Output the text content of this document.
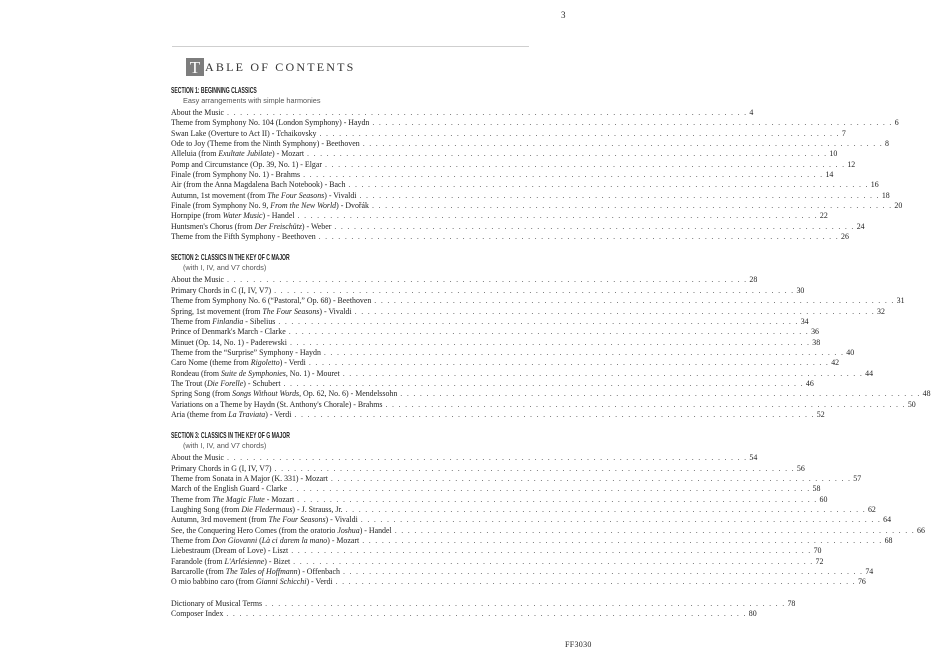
3
T ABLE OF CONTENTS
SECTION 1: BEGINNING CLASSICS
Easy arrangements with simple harmonies
About the Music . . . . . . . . . . . . . . . . . . . . . . . . . . . . . . . . . . . . . . . . . . . . . . . . . . . . . . . . . . . . . . . . . . . . . . . . . . . . . . . . 4
Theme from Symphony No. 104 (London Symphony) - Haydn . . . . . . . . . . . . . . . . . . . . . . . . . . . . . . . . . . . . . . . . . . . . . . . . . . . . . . . . . . . . . . . . . . . . . . . . . . . . . . . . 6
Swan Lake (Overture to Act II) - Tchaikovsky . . . . . . . . . . . . . . . . . . . . . . . . . . . . . . . . . . . . . . . . . . . . . . . . . . . . . . . . . . . . . . . . . . . . . . . . . . . . . . . . 7
Ode to Joy (Theme from the Ninth Symphony) - Beethoven . . . . . . . . . . . . . . . . . . . . . . . . . . . . . . . . . . . . . . . . . . . . . . . . . . . . . . . . . . . . . . . . . . . . . . . . . . . . . . . . 8
Alleluia (from Exultate Jubilate) - Mozart . . . . . . . . . . . . . . . . . . . . . . . . . . . . . . . . . . . . . . . . . . . . . . . . . . . . . . . . . . . . . . . . . . . . . . . . . . . . . . . . 10
Pomp and Circumstance (Op. 39, No. 1) - Elgar . . . . . . . . . . . . . . . . . . . . . . . . . . . . . . . . . . . . . . . . . . . . . . . . . . . . . . . . . . . . . . . . . . . . . . . . . . . . . . . . 12
Finale (from Symphony No. 1) - Brahms . . . . . . . . . . . . . . . . . . . . . . . . . . . . . . . . . . . . . . . . . . . . . . . . . . . . . . . . . . . . . . . . . . . . . . . . . . . . . . . . 14
Air (from the Anna Magdalena Bach Notebook) - Bach . . . . . . . . . . . . . . . . . . . . . . . . . . . . . . . . . . . . . . . . . . . . . . . . . . . . . . . . . . . . . . . . . . . . . . . . . . . . . . . . 16
Autumn, 1st movement (from The Four Seasons) - Vivaldi . . . . . . . . . . . . . . . . . . . . . . . . . . . . . . . . . . . . . . . . . . . . . . . . . . . . . . . . . . . . . . . . . . . . . . . . . . . . . . . . 18
Finale (from Symphony No. 9, From the New World) - Dvořák . . . . . . . . . . . . . . . . . . . . . . . . . . . . . . . . . . . . . . . . . . . . . . . . . . . . . . . . . . . . . . . . . . . . . . . . . . . . . . . . 20
Hornpipe (from Water Music) - Handel . . . . . . . . . . . . . . . . . . . . . . . . . . . . . . . . . . . . . . . . . . . . . . . . . . . . . . . . . . . . . . . . . . . . . . . . . . . . . . . . 22
Huntsmen's Chorus (from Der Freischütz) - Weber . . . . . . . . . . . . . . . . . . . . . . . . . . . . . . . . . . . . . . . . . . . . . . . . . . . . . . . . . . . . . . . . . . . . . . . . . . . . . . . . 24
Theme from the Fifth Symphony - Beethoven . . . . . . . . . . . . . . . . . . . . . . . . . . . . . . . . . . . . . . . . . . . . . . . . . . . . . . . . . . . . . . . . . . . . . . . . . . . . . . . . 26
SECTION 2: CLASSICS IN THE KEY OF C MAJOR
(with I, IV, and V7 chords)
About the Music . . . . . . . . . . . . . . . . . . . . . . . . . . . . . . . . . . . . . . . . . . . . . . . . . . . . . . . . . . . . . . . . . . . . . . . . . . . . . . . . 28
Primary Chords in C (I, IV, V7) . . . . . . . . . . . . . . . . . . . . . . . . . . . . . . . . . . . . . . . . . . . . . . . . . . . . . . . . . . . . . . . . . . . . . . . . . . . . . . . . 30
Theme from Symphony No. 6 (“Pastoral,” Op. 68) - Beethoven . . . . . . . . . . . . . . . . . . . . . . . . . . . . . . . . . . . . . . . . . . . . . . . . . . . . . . . . . . . . . . . . . . . . . . . . . . . . . . . . 31
Spring, 1st movement (from The Four Seasons) - Vivaldi . . . . . . . . . . . . . . . . . . . . . . . . . . . . . . . . . . . . . . . . . . . . . . . . . . . . . . . . . . . . . . . . . . . . . . . . . . . . . . . . 32
Theme from Finlandia - Sibelius . . . . . . . . . . . . . . . . . . . . . . . . . . . . . . . . . . . . . . . . . . . . . . . . . . . . . . . . . . . . . . . . . . . . . . . . . . . . . . . . 34
Prince of Denmark's March - Clarke . . . . . . . . . . . . . . . . . . . . . . . . . . . . . . . . . . . . . . . . . . . . . . . . . . . . . . . . . . . . . . . . . . . . . . . . . . . . . . . . 36
Minuet (Op. 14, No. 1) - Paderewski . . . . . . . . . . . . . . . . . . . . . . . . . . . . . . . . . . . . . . . . . . . . . . . . . . . . . . . . . . . . . . . . . . . . . . . . . . . . . . . . 38
Theme from the “Surprise” Symphony - Haydn . . . . . . . . . . . . . . . . . . . . . . . . . . . . . . . . . . . . . . . . . . . . . . . . . . . . . . . . . . . . . . . . . . . . . . . . . . . . . . . . 40
Caro Nome (theme from Rigoletto) - Verdi . . . . . . . . . . . . . . . . . . . . . . . . . . . . . . . . . . . . . . . . . . . . . . . . . . . . . . . . . . . . . . . . . . . . . . . . . . . . . . . . 42
Rondeau (from Suite de Symphonies, No. 1) - Mouret . . . . . . . . . . . . . . . . . . . . . . . . . . . . . . . . . . . . . . . . . . . . . . . . . . . . . . . . . . . . . . . . . . . . . . . . . . . . . . . . 44
The Trout (Die Forelle) - Schubert . . . . . . . . . . . . . . . . . . . . . . . . . . . . . . . . . . . . . . . . . . . . . . . . . . . . . . . . . . . . . . . . . . . . . . . . . . . . . . . . 46
Spring Song (from Songs Without Words, Op. 62, No. 6) - Mendelssohn . . . . . . . . . . . . . . . . . . . . . . . . . . . . . . . . . . . . . . . . . . . . . . . . . . . . . . . . . . . . . . . . . . . . . . . . . . . . . . . . 48
Variations on a Theme by Haydn (St. Anthony's Chorale) - Brahms . . . . . . . . . . . . . . . . . . . . . . . . . . . . . . . . . . . . . . . . . . . . . . . . . . . . . . . . . . . . . . . . . . . . . . . . . . . . . . . . 50
Aria (theme from La Traviata) - Verdi . . . . . . . . . . . . . . . . . . . . . . . . . . . . . . . . . . . . . . . . . . . . . . . . . . . . . . . . . . . . . . . . . . . . . . . . . . . . . . . . 52
SECTION 3: CLASSICS IN THE KEY OF G MAJOR
(with I, IV, and V7 chords)
About the Music . . . . . . . . . . . . . . . . . . . . . . . . . . . . . . . . . . . . . . . . . . . . . . . . . . . . . . . . . . . . . . . . . . . . . . . . . . . . . . . . 54
Primary Chords in G (I, IV, V7) . . . . . . . . . . . . . . . . . . . . . . . . . . . . . . . . . . . . . . . . . . . . . . . . . . . . . . . . . . . . . . . . . . . . . . . . . . . . . . . . 56
Theme from Sonata in A Major (K. 331) - Mozart . . . . . . . . . . . . . . . . . . . . . . . . . . . . . . . . . . . . . . . . . . . . . . . . . . . . . . . . . . . . . . . . . . . . . . . . . . . . . . . . 57
March of the English Guard - Clarke . . . . . . . . . . . . . . . . . . . . . . . . . . . . . . . . . . . . . . . . . . . . . . . . . . . . . . . . . . . . . . . . . . . . . . . . . . . . . . . . 58
Theme from The Magic Flute - Mozart . . . . . . . . . . . . . . . . . . . . . . . . . . . . . . . . . . . . . . . . . . . . . . . . . . . . . . . . . . . . . . . . . . . . . . . . . . . . . . . . 60
Laughing Song (from Die Fledermaus) - J. Strauss, Jr. . . . . . . . . . . . . . . . . . . . . . . . . . . . . . . . . . . . . . . . . . . . . . . . . . . . . . . . . . . . . . . . . . . . . . . . . . . . . . . . . 62
Autumn, 3rd movement (from The Four Seasons) - Vivaldi . . . . . . . . . . . . . . . . . . . . . . . . . . . . . . . . . . . . . . . . . . . . . . . . . . . . . . . . . . . . . . . . . . . . . . . . . . . . . . . . 64
See, the Conquering Hero Comes (from the oratorio Joshua) - Handel . . . . . . . . . . . . . . . . . . . . . . . . . . . . . . . . . . . . . . . . . . . . . . . . . . . . . . . . . . . . . . . . . . . . . . . . . . . . . . . . 66
Theme from Don Giovanni (Là ci darem la mano) - Mozart . . . . . . . . . . . . . . . . . . . . . . . . . . . . . . . . . . . . . . . . . . . . . . . . . . . . . . . . . . . . . . . . . . . . . . . . . . . . . . . . 68
Liebestraum (Dream of Love) - Liszt . . . . . . . . . . . . . . . . . . . . . . . . . . . . . . . . . . . . . . . . . . . . . . . . . . . . . . . . . . . . . . . . . . . . . . . . . . . . . . . . 70
Farandole (from L'Arlésienne) - Bizet . . . . . . . . . . . . . . . . . . . . . . . . . . . . . . . . . . . . . . . . . . . . . . . . . . . . . . . . . . . . . . . . . . . . . . . . . . . . . . . . 72
Barcarolle (from The Tales of Hoffmann) - Offenbach . . . . . . . . . . . . . . . . . . . . . . . . . . . . . . . . . . . . . . . . . . . . . . . . . . . . . . . . . . . . . . . . . . . . . . . . . . . . . . . . 74
O mio babbino caro (from Gianni Schicchi) - Verdi . . . . . . . . . . . . . . . . . . . . . . . . . . . . . . . . . . . . . . . . . . . . . . . . . . . . . . . . . . . . . . . . . . . . . . . . . . . . . . . . 76
Dictionary of Musical Terms . . . . . . . . . . . . . . . . . . . . . . . . . . . . . . . . . . . . . . . . . . . . . . . . . . . . . . . . . . . . . . . . . . . . . . . . . . . . . . . . 78
Composer Index . . . . . . . . . . . . . . . . . . . . . . . . . . . . . . . . . . . . . . . . . . . . . . . . . . . . . . . . . . . . . . . . . . . . . . . . . . . . . . . . 80
FF3030
